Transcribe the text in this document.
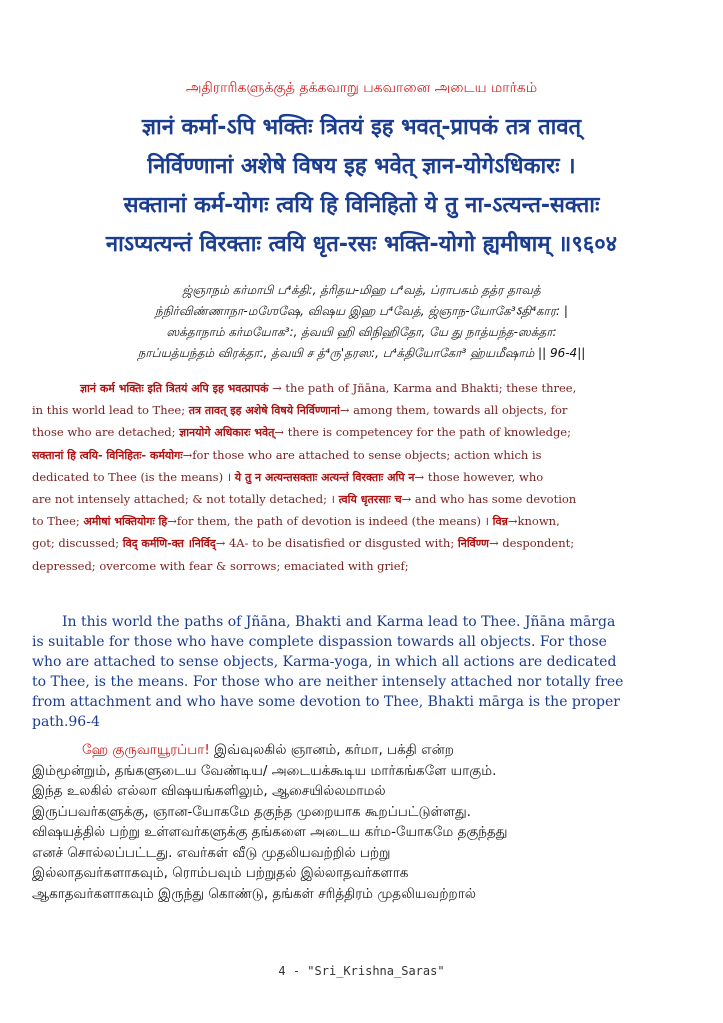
அதிராரிகளுக்குத் தக்கவாறு பகவானை அடைய மார்கம்
ज्ञानं कर्मा-ऽपि भक्तिः त्रितयं इह भवत्-प्रापकं तत्र तावत्
निर्विण्णानां अशेषे विषय इह भवेत् ज्ञान-योगेऽधिकारः ।
सक्तानां कर्म-योगः त्वयि हि विनिहितो ये तु ना-ऽत्यन्त-सक्ताः
नाऽप्यत्यन्तं विरक्ताः त्वयि धृत-रसः भक्ति-योगो ह्यमीषाम् ॥९६०४
ஜ்ஞாநம் கர்மாபி ப⁴க்தி:, த்ரிதய-மிஹ ப⁴வத், ப்ராபகம் தத்ர தாவத்
ந்நிர்விண்ணாநா-மஶேஷே, விஷய இஹ ப⁴வேத், ஜ்ஞாந-யோகே³ऽதி⁴கார: |
ஸக்தாநாம் கர்மயோக³:, த்வயி ஹி விநிஹிதோ, யே து நாத்யந்த-ஸக்தா:
நாப்யத்யந்தம் விரக்தா:, த்வயி ச த்⁴ரு'தரஸ:, ப⁴க்தியோகோ³ ஹ்யமீஷாம் || 96-4||
ज्ञानं कर्म भक्तिः इति त्रितयं अपि इह भवत्प्रापकं → the path of Jñāna, Karma and Bhakti; these three,
in this world lead to Thee; तत्र तावत् इह अशेषे विषये निर्विण्णानां→ among them, towards all objects, for
those who are detached; ज्ञानयोगे अधिकारः भवेत्→ there is competencey for the path of knowledge;
सक्तानां हि त्वयि- विनिहितः- कर्मयोगः→for those who are attached to sense objects; action which is
dedicated to Thee (is the means) । ये तु न अत्यन्तसक्ताः अत्यन्तं विरक्ताः अपि न→ those however, who
are not intensely attached; & not totally detached; । त्वयि धृतरसाः च→ and who has some devotion
to Thee; अमीषां भक्तियोगः हि→for them, the path of devotion is indeed (the means) । विन्न→known,
got; discussed; विद् कर्मणि-क्त ।निर्विद्→ 4A- to be disatisfied or disgusted with; निर्विण्ण→ despondent;
depressed; overcome with fear & sorrows; emaciated with grief;
In this world the paths of Jñāna, Bhakti and Karma lead to Thee. Jñāna mārga
is suitable for those who have complete dispassion towards all objects. For those
who are attached to sense objects, Karma-yoga, in which all actions are dedicated
to Thee, is the means. For those who are neither intensely attached nor totally free
from attachment and who have some devotion to Thee, Bhakti mārga is the proper
path.96-4
ஹே குருவாயூரப்பா! இவ்வுலகில் ஞானம், கர்மா, பக்தி என்ற
இம்மூன்றும், தங்களுடைய வேண்டிய/ அடையக்கூடிய மார்கங்களே யாகும்.
இந்த உலகில் எல்லா விஷயங்களிலும், ஆசையில்லமாமல்
இருப்பவர்களுக்கு, ஞான-யோகமே தகுந்த முறையாக கூறப்பட்டுள்ளது.
விஷயத்தில் பற்று உள்ளவர்களுக்கு தங்களை அடைய கர்ம-யோகமே தகுந்தது
எனச் சொல்லப்பட்டது. எவர்கள் வீடு முதலியவற்றில் பற்று
இல்லாதவர்களாகவும், ரொம்பவும் பற்றுதல் இல்லாதவர்களாக
ஆகாதவர்களாகவும் இருந்து கொண்டு, தங்கள் சரித்திரம் முதலியவற்றால்
4 - "Sri_Krishna_Saras"
